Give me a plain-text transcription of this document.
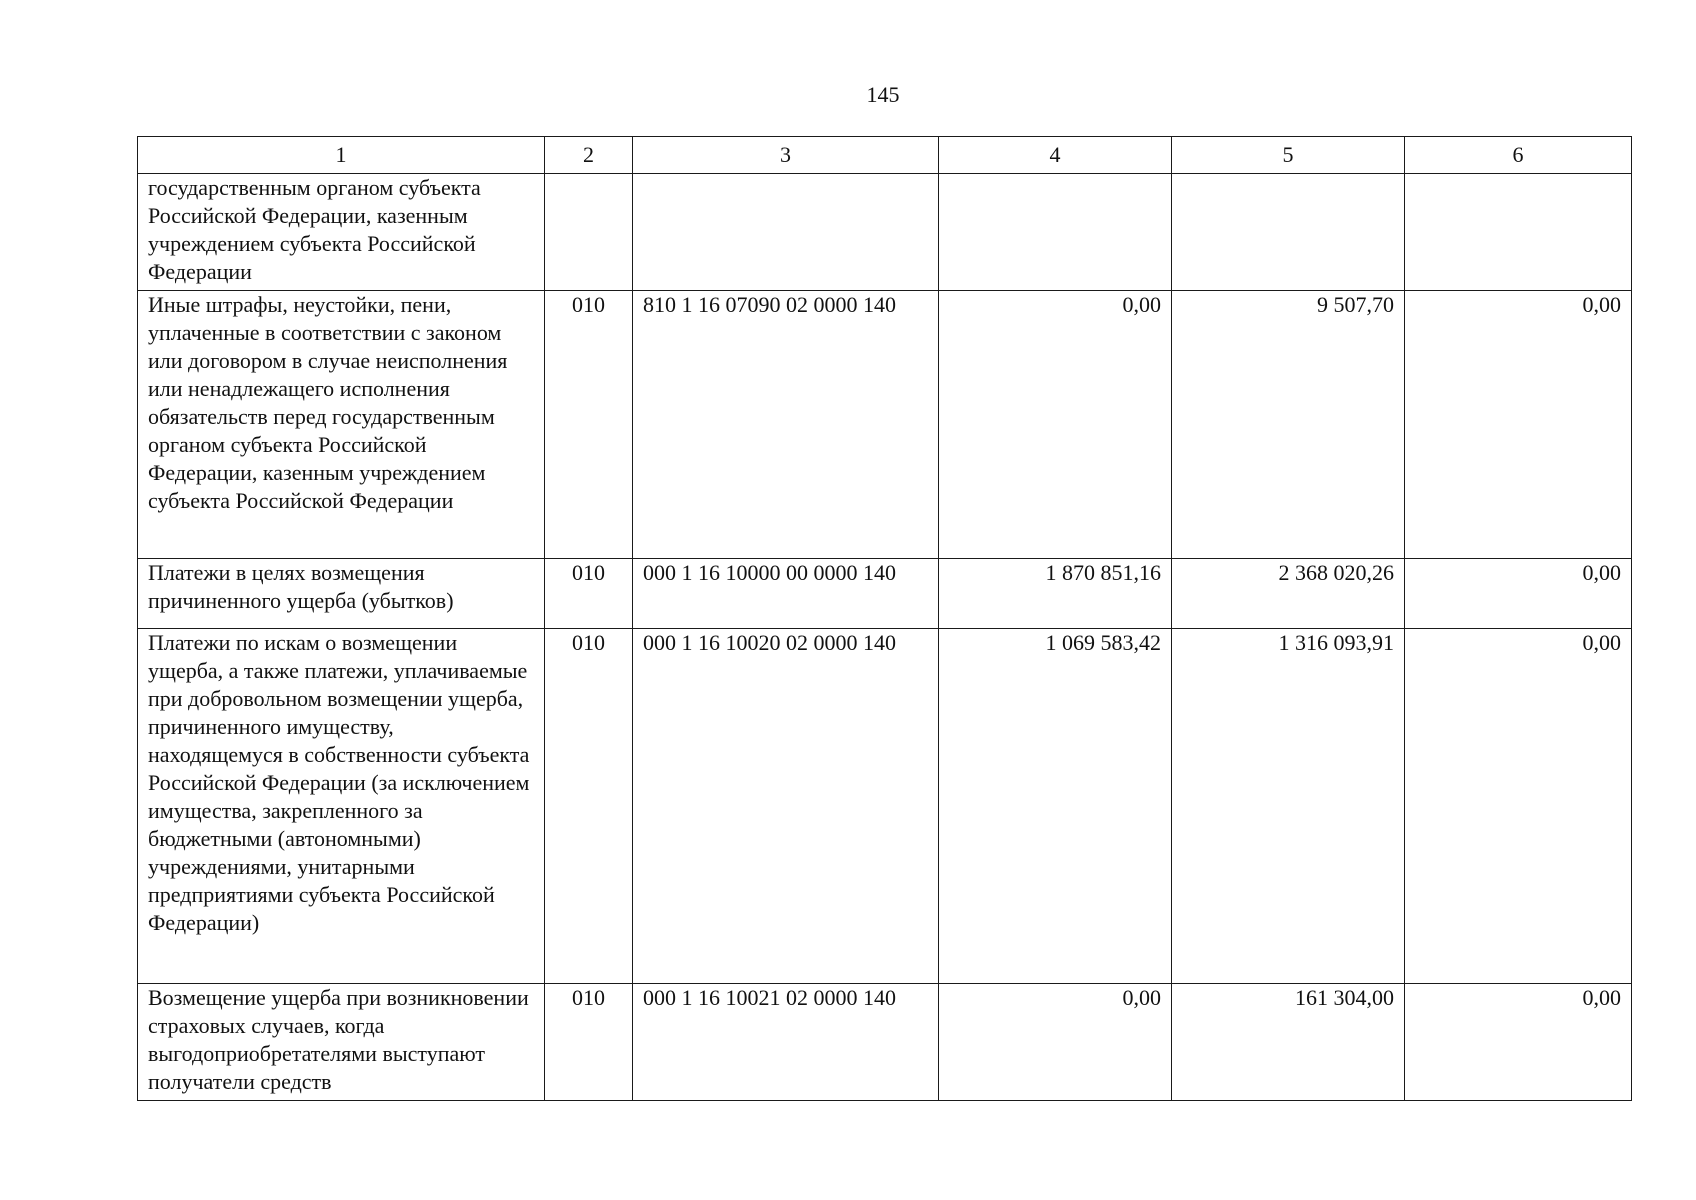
145
1	2	3	4	5	6
государственным органом субъекта Российской Федерации, казенным учреждением субъекта Российской Федерации					
Иные штрафы, неустойки, пени, уплаченные в соответствии с законом или договором в случае неисполнения или ненадлежащего исполнения обязательств перед государственным органом субъекта Российской Федерации, казенным учреждением субъекта Российской Федерации	010	810 1 16 07090 02 0000 140	0,00	9 507,70	0,00
Платежи в целях возмещения причиненного ущерба (убытков)	010	000 1 16 10000 00 0000 140	1 870 851,16	2 368 020,26	0,00
Платежи по искам о возмещении ущерба, а также платежи, уплачиваемые при добровольном возмещении ущерба, причиненного имуществу, находящемуся в собственности субъекта Российской Федерации (за исключением имущества, закрепленного за бюджетными (автономными) учреждениями, унитарными предприятиями субъекта Российской Федерации)	010	000 1 16 10020 02 0000 140	1 069 583,42	1 316 093,91	0,00
Возмещение ущерба при возникновении страховых случаев, когда выгодоприобретателями выступают получатели средств	010	000 1 16 10021 02 0000 140	0,00	161 304,00	0,00
